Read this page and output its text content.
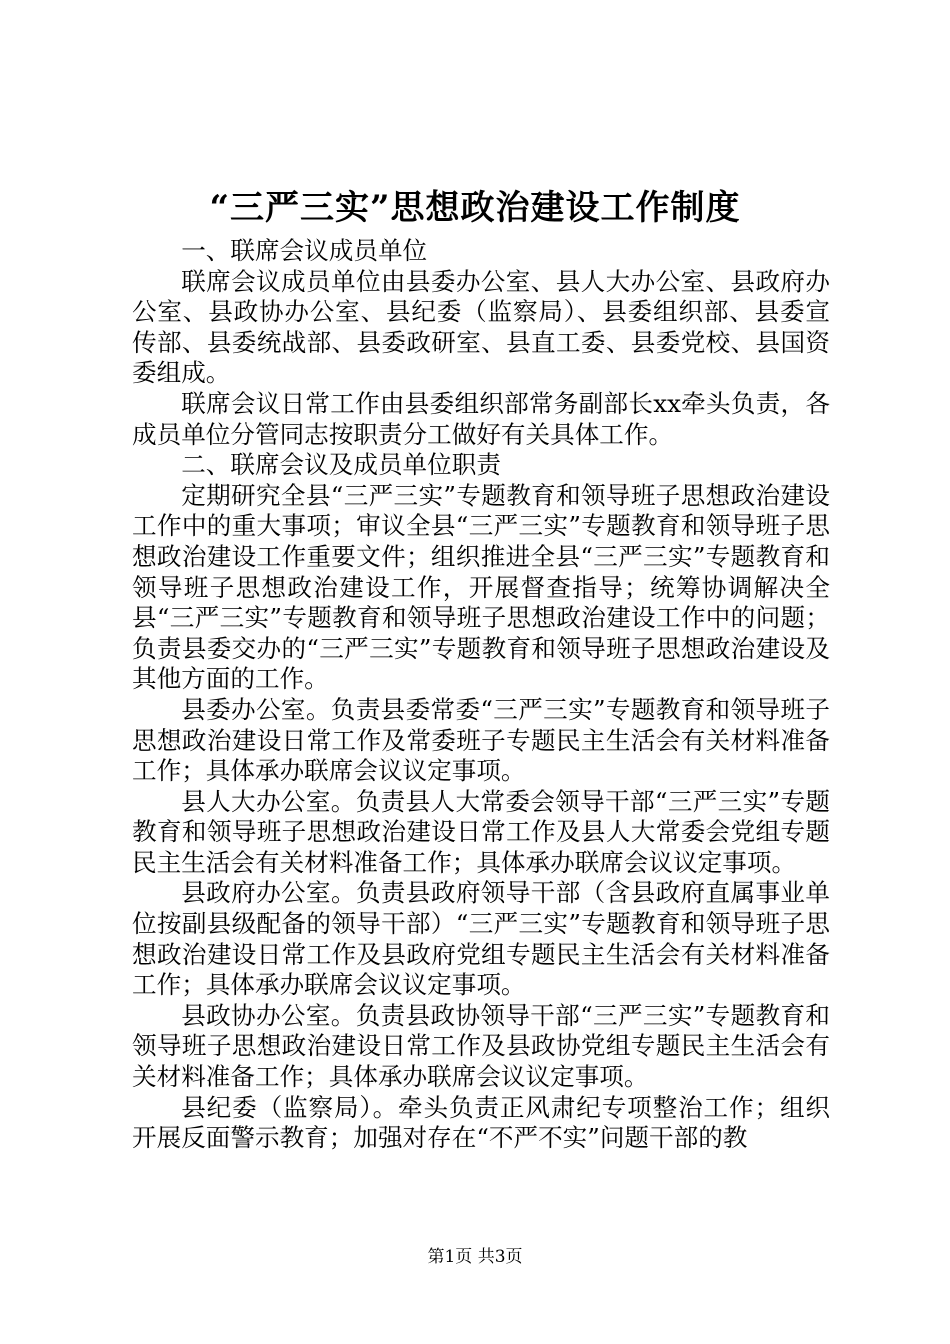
“三严三实”思想政治建设工作制度

一、联席会议成员单位

联席会议成员单位由县委办公室、县人大办公室、县政府办公室、县政协办公室、县纪委（监察局）、县委组织部、县委宣传部、县委统战部、县委政研室、县直工委、县委党校、县国资委组成。

联席会议日常工作由县委组织部常务副部长xx牵头负责，各成员单位分管同志按职责分工做好有关具体工作。

二、联席会议及成员单位职责

定期研究全县“三严三实”专题教育和领导班子思想政治建设工作中的重大事项；审议全县“三严三实”专题教育和领导班子思想政治建设工作重要文件；组织推进全县“三严三实”专题教育和领导班子思想政治建设工作，开展督查指导；统筹协调解决全县“三严三实”专题教育和领导班子思想政治建设工作中的问题；负责县委交办的“三严三实”专题教育和领导班子思想政治建设及其他方面的工作。

县委办公室。负责县委常委“三严三实”专题教育和领导班子思想政治建设日常工作及常委班子专题民主生活会有关材料准备工作；具体承办联席会议议定事项。

县人大办公室。负责县人大常委会领导干部“三严三实”专题教育和领导班子思想政治建设日常工作及县人大常委会党组专题民主生活会有关材料准备工作；具体承办联席会议议定事项。

县政府办公室。负责县政府领导干部（含县政府直属事业单位按副县级配备的领导干部）“三严三实”专题教育和领导班子思想政治建设日常工作及县政府党组专题民主生活会有关材料准备工作；具体承办联席会议议定事项。

县政协办公室。负责县政协领导干部“三严三实”专题教育和领导班子思想政治建设日常工作及县政协党组专题民主生活会有关材料准备工作；具体承办联席会议议定事项。

县纪委（监察局）。牵头负责正风肃纪专项整治工作；组织开展反面警示教育；加强对存在“不严不实”问题干部的教

第1页 共3页
